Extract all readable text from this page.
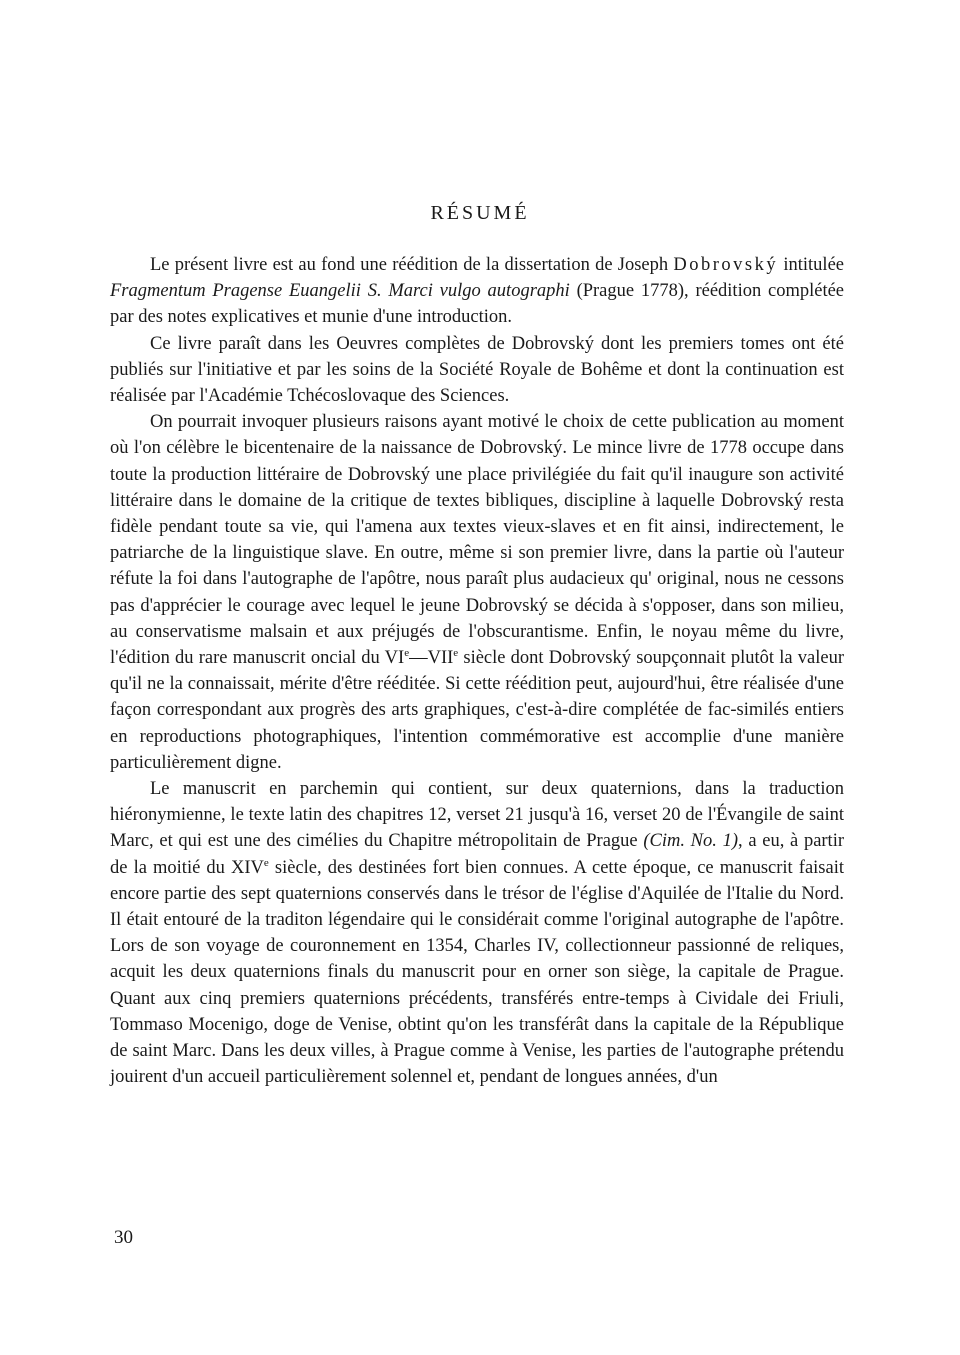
RÉSUMÉ

Le présent livre est au fond une réédition de la dissertation de Joseph Dobrovský intitulée Fragmentum Pragense Euangelii S. Marci vulgo autographi (Prague 1778), réédition complétée par des notes explicatives et munie d'une introduction.

Ce livre paraît dans les Oeuvres complètes de Dobrovský dont les premiers tomes ont été publiés sur l'initiative et par les soins de la Société Royale de Bohême et dont la continuation est réalisée par l'Académie Tchécoslovaque des Sciences.

On pourrait invoquer plusieurs raisons ayant motivé le choix de cette publication au moment où l'on célèbre le bicentenaire de la naissance de Dobrovský. Le mince livre de 1778 occupe dans toute la production littéraire de Dobrovský une place privilégiée du fait qu'il inaugure son activité littéraire dans le domaine de la critique de textes bibliques, discipline à laquelle Dobrovský resta fidèle pendant toute sa vie, qui l'amena aux textes vieux-slaves et en fit ainsi, indirectement, le patriarche de la linguistique slave. En outre, même si son premier livre, dans la partie où l'auteur réfute la foi dans l'autographe de l'apôtre, nous paraît plus audacieux qu' original, nous ne cessons pas d'apprécier le courage avec lequel le jeune Dobrovský se décida à s'opposer, dans son milieu, au conservatisme malsain et aux préjugés de l'obscurantisme. Enfin, le noyau même du livre, l'édition du rare manuscrit oncial du VIe—VIIe siècle dont Dobrovský soupçonnait plutôt la valeur qu'il ne la connaissait, mérite d'être rééditée. Si cette réédition peut, aujourd'hui, être réalisée d'une façon correspondant aux progrès des arts graphiques, c'est-à-dire complétée de fac-similés entiers en reproductions photographiques, l'intention commémorative est accomplie d'une manière particulièrement digne.

Le manuscrit en parchemin qui contient, sur deux quaternions, dans la traduction hiéronymienne, le texte latin des chapitres 12, verset 21 jusqu'à 16, verset 20 de l'Évangile de saint Marc, et qui est une des cimélies du Chapitre métropolitain de Prague (Cim. No. 1), a eu, à partir de la moitié du XIVe siècle, des destinées fort bien connues. A cette époque, ce manuscrit faisait encore partie des sept quaternions conservés dans le trésor de l'église d'Aquilée de l'Italie du Nord. Il était entouré de la traditon légendaire qui le considérait comme l'original autographe de l'apôtre. Lors de son voyage de couronnement en 1354, Charles IV, collectionneur passionné de reliques, acquit les deux quaternions finals du manuscrit pour en orner son siège, la capitale de Prague. Quant aux cinq premiers quaternions précédents, transférés entre-temps à Cividale dei Friuli, Tommaso Mocenigo, doge de Venise, obtint qu'on les transférât dans la capitale de la République de saint Marc. Dans les deux villes, à Prague comme à Venise, les parties de l'autographe prétendu jouirent d'un accueil particulièrement solennel et, pendant de longues années, d'un

30
